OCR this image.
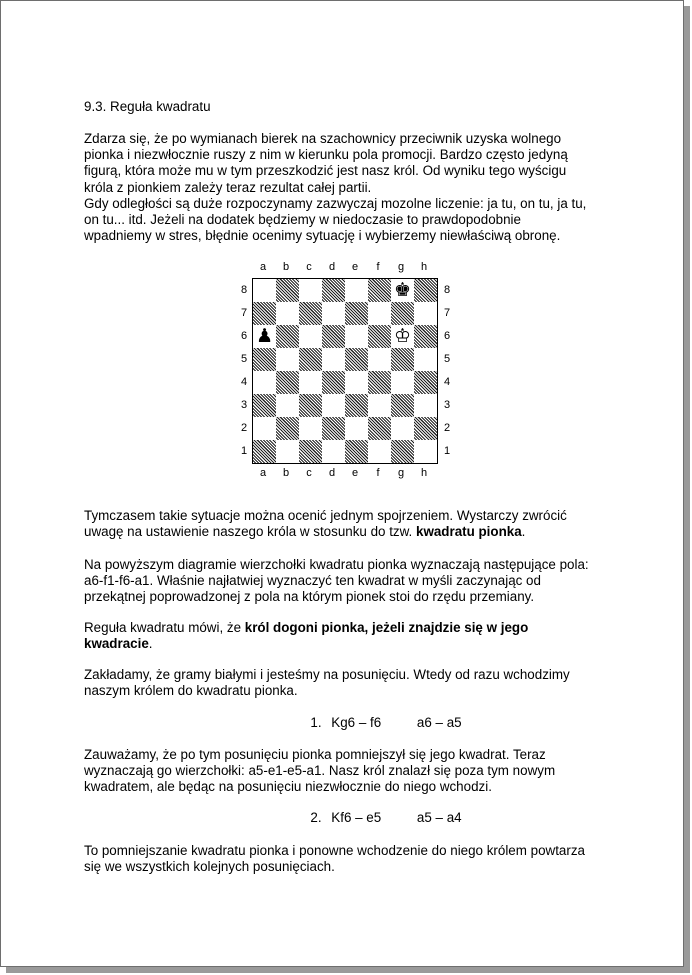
9.3. Reguła kwadratu
Zdarza się, że po wymianach bierek na szachownicy przeciwnik uzyska wolnego
pionka i niezwłocznie ruszy z nim w kierunku pola promocji. Bardzo często jedyną
figurą, która może mu w tym przeszkodzić jest nasz król. Od wyniku tego wyścigu
króla z pionkiem zależy teraz rezultat całej partii.
Gdy odległości są duże rozpoczynamy zazwyczaj mozolne liczenie: ja tu, on tu, ja tu,
on tu... itd. Jeżeli na dodatek będziemy w niedoczasie to prawdopodobnie
wpadniemy w stres, błędnie ocenimy sytuację i wybierzemy niewłaściwą obronę.
a
a
b
b
c
c
d
d
e
e
f
f
g
g
h
h
8	8
7	7
6	6
5	5
4	4
3	3
2	2
1	1
♚
♔
♟
Tymczasem takie sytuacje można ocenić jednym spojrzeniem. Wystarczy zwrócić
uwagę na ustawienie naszego króla w stosunku do tzw. kwadratu pionka.
Na powyższym diagramie wierzchołki kwadratu pionka wyznaczają następujące pola:
a6-f1-f6-a1. Właśnie najłatwiej wyznaczyć ten kwadrat w myśli zaczynając od
przekątnej poprowadzonej z pola na którym pionek stoi do rzędu przemiany.
Reguła kwadratu mówi, że król dogoni pionka, jeżeli znajdzie się w jego
kwadracie.
Zakładamy, że gramy białymi i jesteśmy na posunięciu. Wtedy od razu wchodzimy
naszym królem do kwadratu pionka.
1. Kg6 – f6	a6 – a5
Zauważamy, że po tym posunięciu pionka pomniejszył się jego kwadrat. Teraz
wyznaczają go wierzchołki: a5-e1-e5-a1. Nasz król znalazł się poza tym nowym
kwadratem, ale będąc na posunięciu niezwłocznie do niego wchodzi.
2. Kf6 – e5	a5 – a4
To pomniejszanie kwadratu pionka i ponowne wchodzenie do niego królem powtarza
się we wszystkich kolejnych posunięciach.
